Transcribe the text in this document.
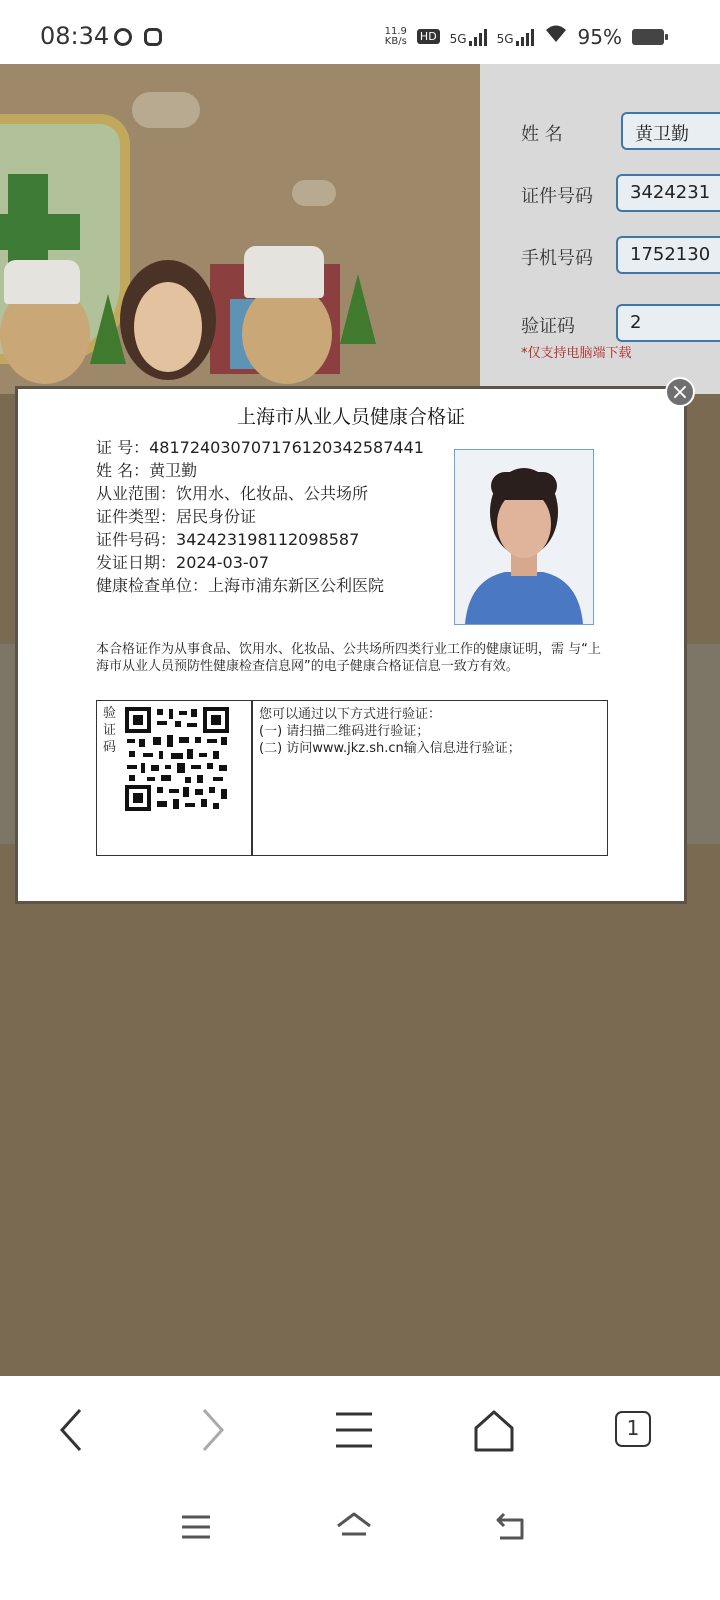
08:34	11.9
KB/s HD 5G	5G	95%
姓 名	黄卫勤
证件号码	3424231
手机号码	1752130
验证码	2
*仅支持电脑端下载
上海市从业人员健康合格证
证 号：48172403070717612034258744​1
姓 名：黄卫勤
从业范围：饮用水、化妆品、公共场所
证件类型：居民身份证
证件号码：342423198112098587
发证日期：2024-03-07
健康检查单位：上海市浦东新区公利医院
本合格证作为从事食品、饮用水、化妆品、公共场所四类行业工作的健康证明，需 与“上海市从业人员预防性健康检查信息网”的电子健康合格证信息一致方有效。
验证码
您可以通过以下方式进行验证：
(一) 请扫描二维码进行验证；
(二) 访问www.jkz.sh.cn输入信息进行验证；
×
1
